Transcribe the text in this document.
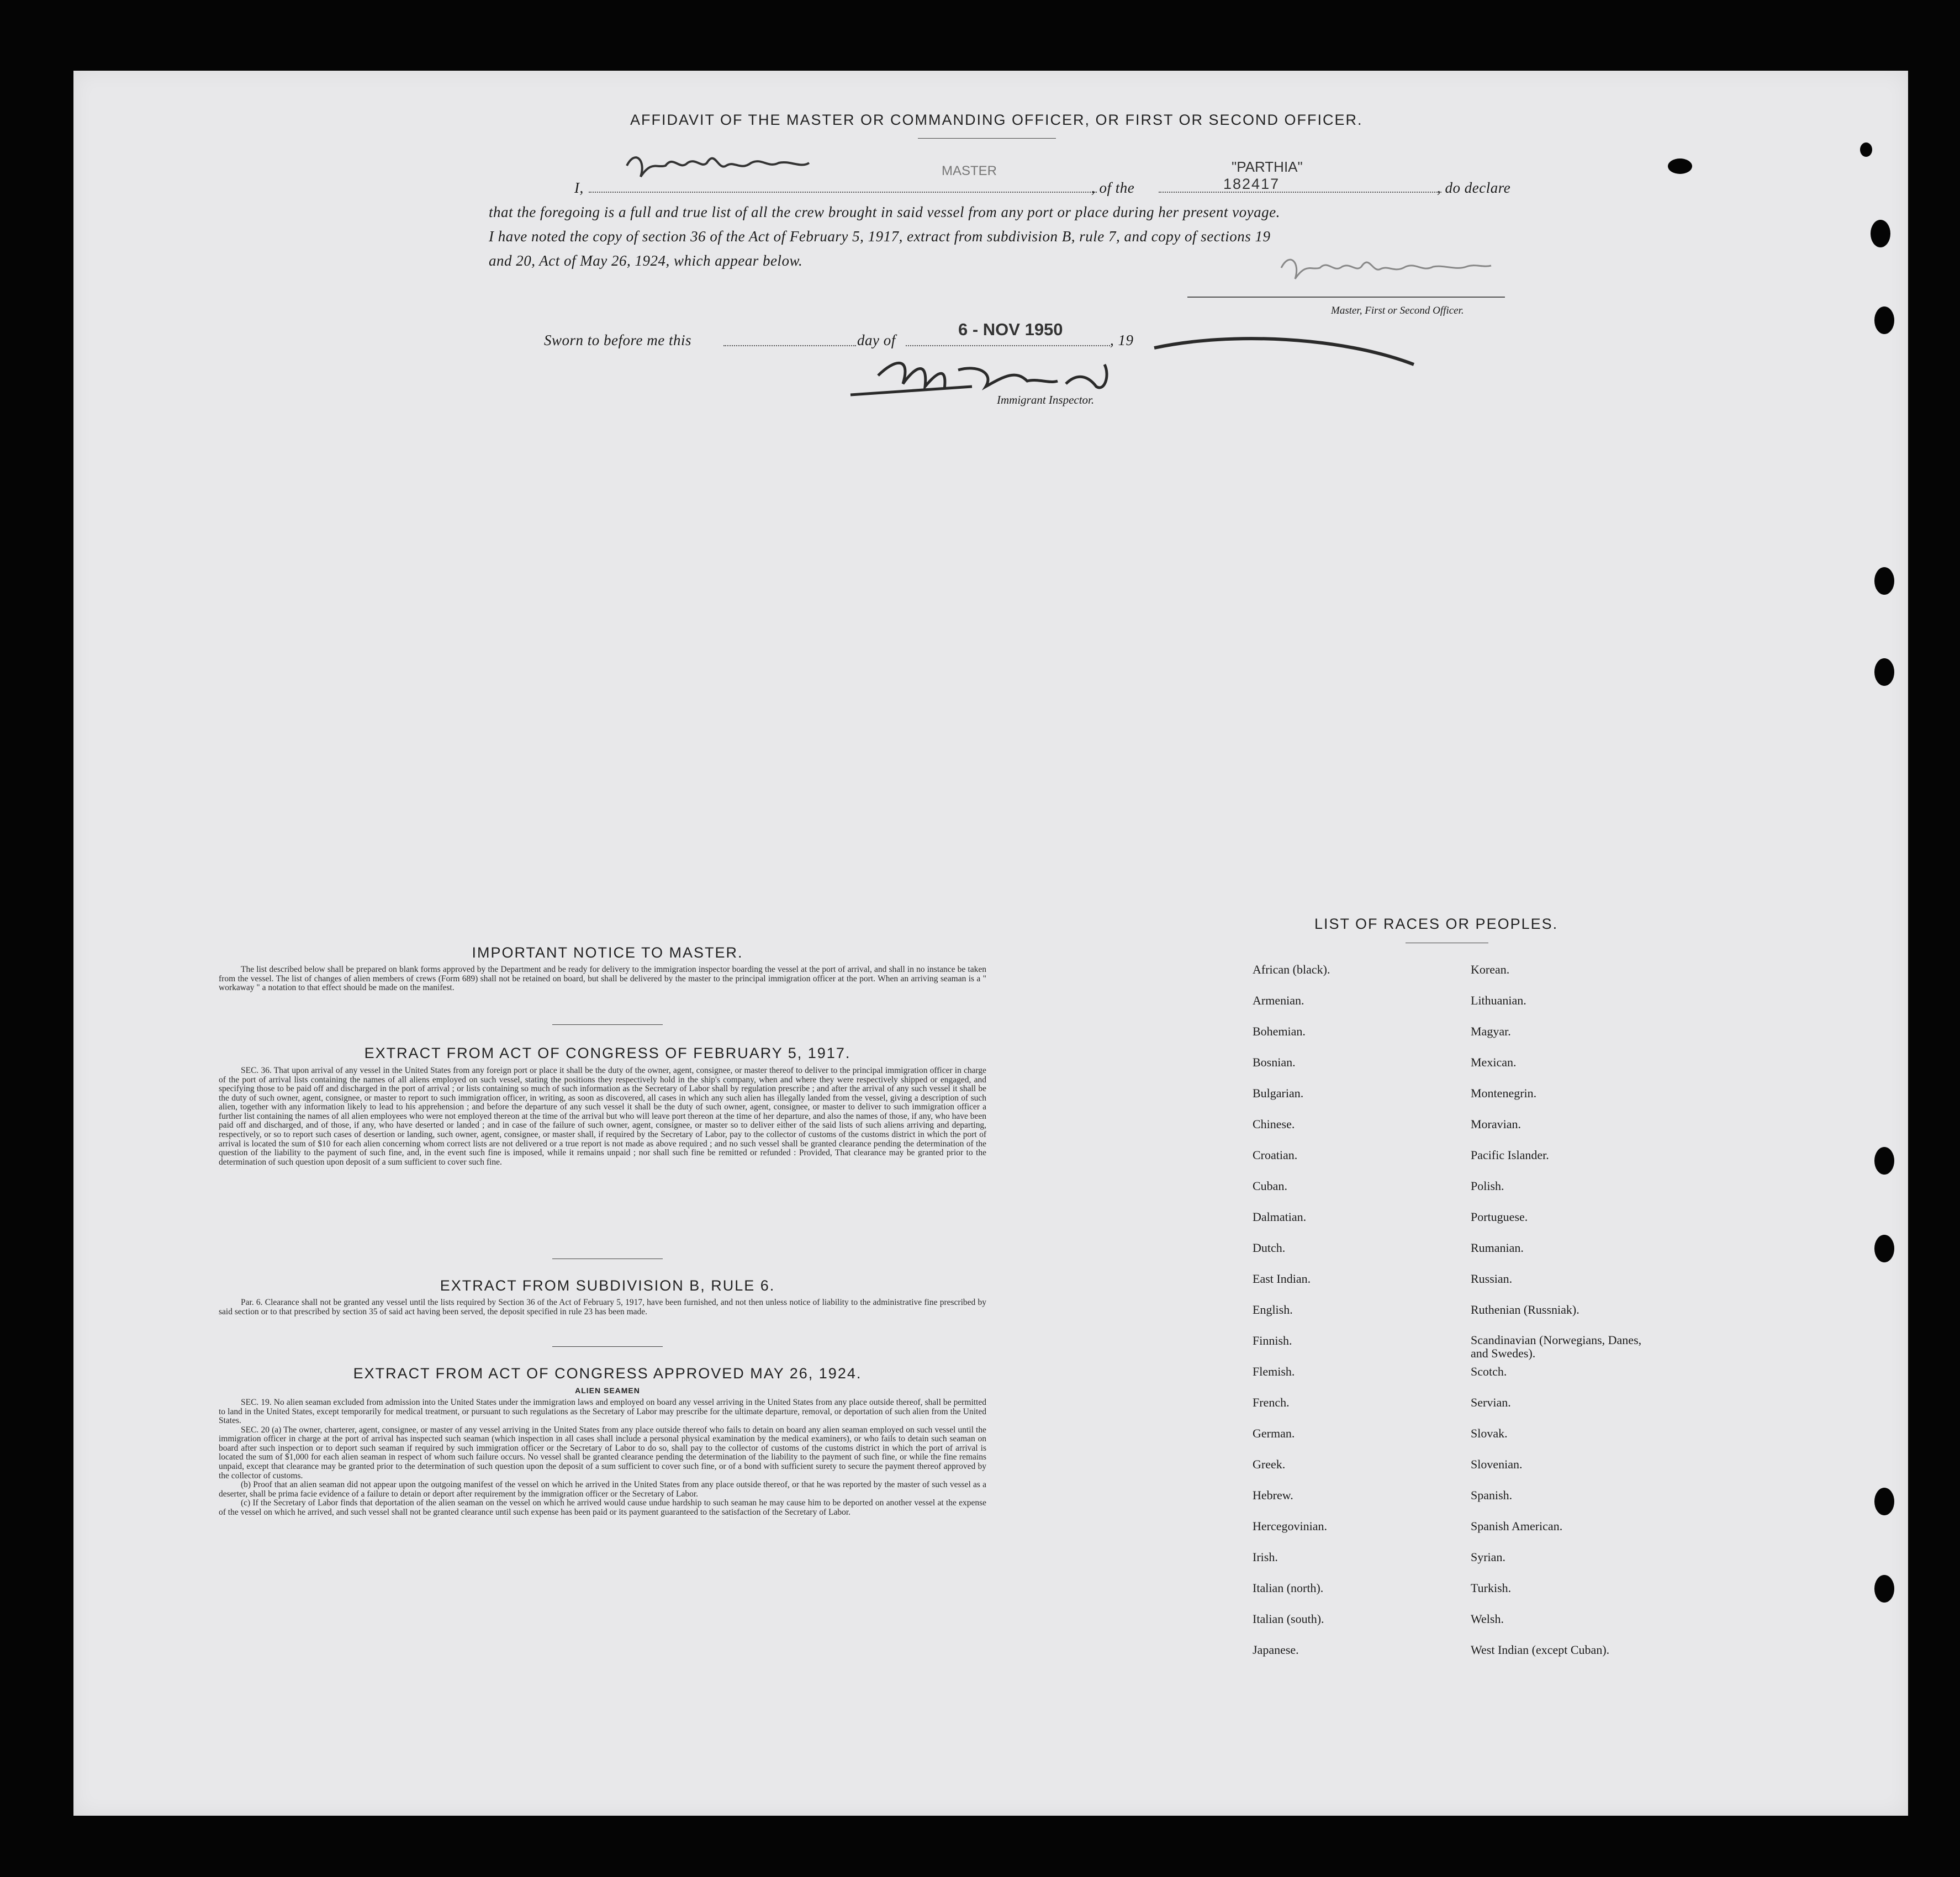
AFFIDAVIT OF THE MASTER OR COMMANDING OFFICER, OR FIRST OR SECOND OFFICER.
I,
MASTER
, of the
"PARTHIA"
182417	, do declare
that the foregoing is a full and true list of all the crew brought in said vessel from any port or place during her present voyage.
I have noted the copy of section 36 of the Act of February 5, 1917, extract from subdivision B, rule 7, and copy of sections 19
and 20, Act of May 26, 1924, which appear below.
Master, First or Second Officer.
Sworn to before me this	day of
6 - NOV 1950
, 19
Immigrant Inspector.
IMPORTANT NOTICE TO MASTER.

The list described below shall be prepared on blank forms approved by the Department and be ready for delivery to the immigration inspector boarding the vessel at the port of arrival, and shall in no instance be taken from the vessel. The list of changes of alien members of crews (Form 689) shall not be retained on board, but shall be delivered by the master to the principal immigration officer at the port. When an arriving seaman is a " workaway " a notation to that effect should be made on the manifest.

EXTRACT FROM ACT OF CONGRESS OF FEBRUARY 5, 1917.

SEC. 36. That upon arrival of any vessel in the United States from any foreign port or place it shall be the duty of the owner, agent, consignee, or master thereof to deliver to the principal immigration officer in charge of the port of arrival lists containing the names of all aliens employed on such vessel, stating the positions they respectively hold in the ship's company, when and where they were respectively shipped or engaged, and specifying those to be paid off and discharged in the port of arrival ; or lists containing so much of such information as the Secretary of Labor shall by regulation prescribe ; and after the arrival of any such vessel it shall be the duty of such owner, agent, consignee, or master to report to such immigration officer, in writing, as soon as discovered, all cases in which any such alien has illegally landed from the vessel, giving a description of such alien, together with any information likely to lead to his apprehension ; and before the departure of any such vessel it shall be the duty of such owner, agent, consignee, or master to deliver to such immigration officer a further list containing the names of all alien employees who were not employed thereon at the time of the arrival but who will leave port thereon at the time of her departure, and also the names of those, if any, who have been paid off and discharged, and of those, if any, who have deserted or landed ; and in case of the failure of such owner, agent, consignee, or master so to deliver either of the said lists of such aliens arriving and departing, respectively, or so to report such cases of desertion or landing, such owner, agent, consignee, or master shall, if required by the Secretary of Labor, pay to the collector of customs of the customs district in which the port of arrival is located the sum of $10 for each alien concerning whom correct lists are not delivered or a true report is not made as above required ; and no such vessel shall be granted clearance pending the determination of the question of the liability to the payment of such fine, and, in the event such fine is imposed, while it remains unpaid ; nor shall such fine be remitted or refunded : Provided, That clearance may be granted prior to the determination of such question upon deposit of a sum sufficient to cover such fine.

EXTRACT FROM SUBDIVISION B, RULE 6.

Par. 6. Clearance shall not be granted any vessel until the lists required by Section 36 of the Act of February 5, 1917, have been furnished, and not then unless notice of liability to the administrative fine prescribed by said section or to that prescribed by section 35 of said act having been served, the deposit specified in rule 23 has been made.

EXTRACT FROM ACT OF CONGRESS APPROVED MAY 26, 1924.
ALIEN SEAMEN

SEC. 19. No alien seaman excluded from admission into the United States under the immigration laws and employed on board any vessel arriving in the United States from any place outside thereof, shall be permitted to land in the United States, except temporarily for medical treatment, or pursuant to such regulations as the Secretary of Labor may prescribe for the ultimate departure, removal, or deportation of such alien from the United States.

SEC. 20 (a) The owner, charterer, agent, consignee, or master of any vessel arriving in the United States from any place outside thereof who fails to detain on board any alien seaman employed on such vessel until the immigration officer in charge at the port of arrival has inspected such seaman (which inspection in all cases shall include a personal physical examination by the medical examiners), or who fails to detain such seaman on board after such inspection or to deport such seaman if required by such immigration officer or the Secretary of Labor to do so, shall pay to the collector of customs of the customs district in which the port of arrival is located the sum of $1,000 for each alien seaman in respect of whom such failure occurs. No vessel shall be granted clearance pending the determination of the liability to the payment of such fine, or while the fine remains unpaid, except that clearance may be granted prior to the determination of such question upon the deposit of a sum sufficient to cover such fine, or of a bond with sufficient surety to secure the payment thereof approved by the collector of customs.

(b) Proof that an alien seaman did not appear upon the outgoing manifest of the vessel on which he arrived in the United States from any place outside thereof, or that he was reported by the master of such vessel as a deserter, shall be prima facie evidence of a failure to detain or deport after requirement by the immigration officer or the Secretary of Labor.

(c) If the Secretary of Labor finds that deportation of the alien seaman on the vessel on which he arrived would cause undue hardship to such seaman he may cause him to be deported on another vessel at the expense of the vessel on which he arrived, and such vessel shall not be granted clearance until such expense has been paid or its payment guaranteed to the satisfaction of the Secretary of Labor.

LIST OF RACES OR PEOPLES.
African (black).
Armenian.
Bohemian.
Bosnian.
Bulgarian.
Chinese.
Croatian.
Cuban.
Dalmatian.
Dutch.
East Indian.
English.
Finnish.
Flemish.
French.
German.
Greek.
Hebrew.
Hercegovinian.
Irish.
Italian (north).
Italian (south).
Japanese.
Korean.
Lithuanian.
Magyar.
Mexican.
Montenegrin.
Moravian.
Pacific Islander.
Polish.
Portuguese.
Rumanian.
Russian.
Ruthenian (Russniak).
Scandinavian (Norwegians, Danes, and Swedes).
Scotch.
Servian.
Slovak.
Slovenian.
Spanish.
Spanish American.
Syrian.
Turkish.
Welsh.
West Indian (except Cuban).
